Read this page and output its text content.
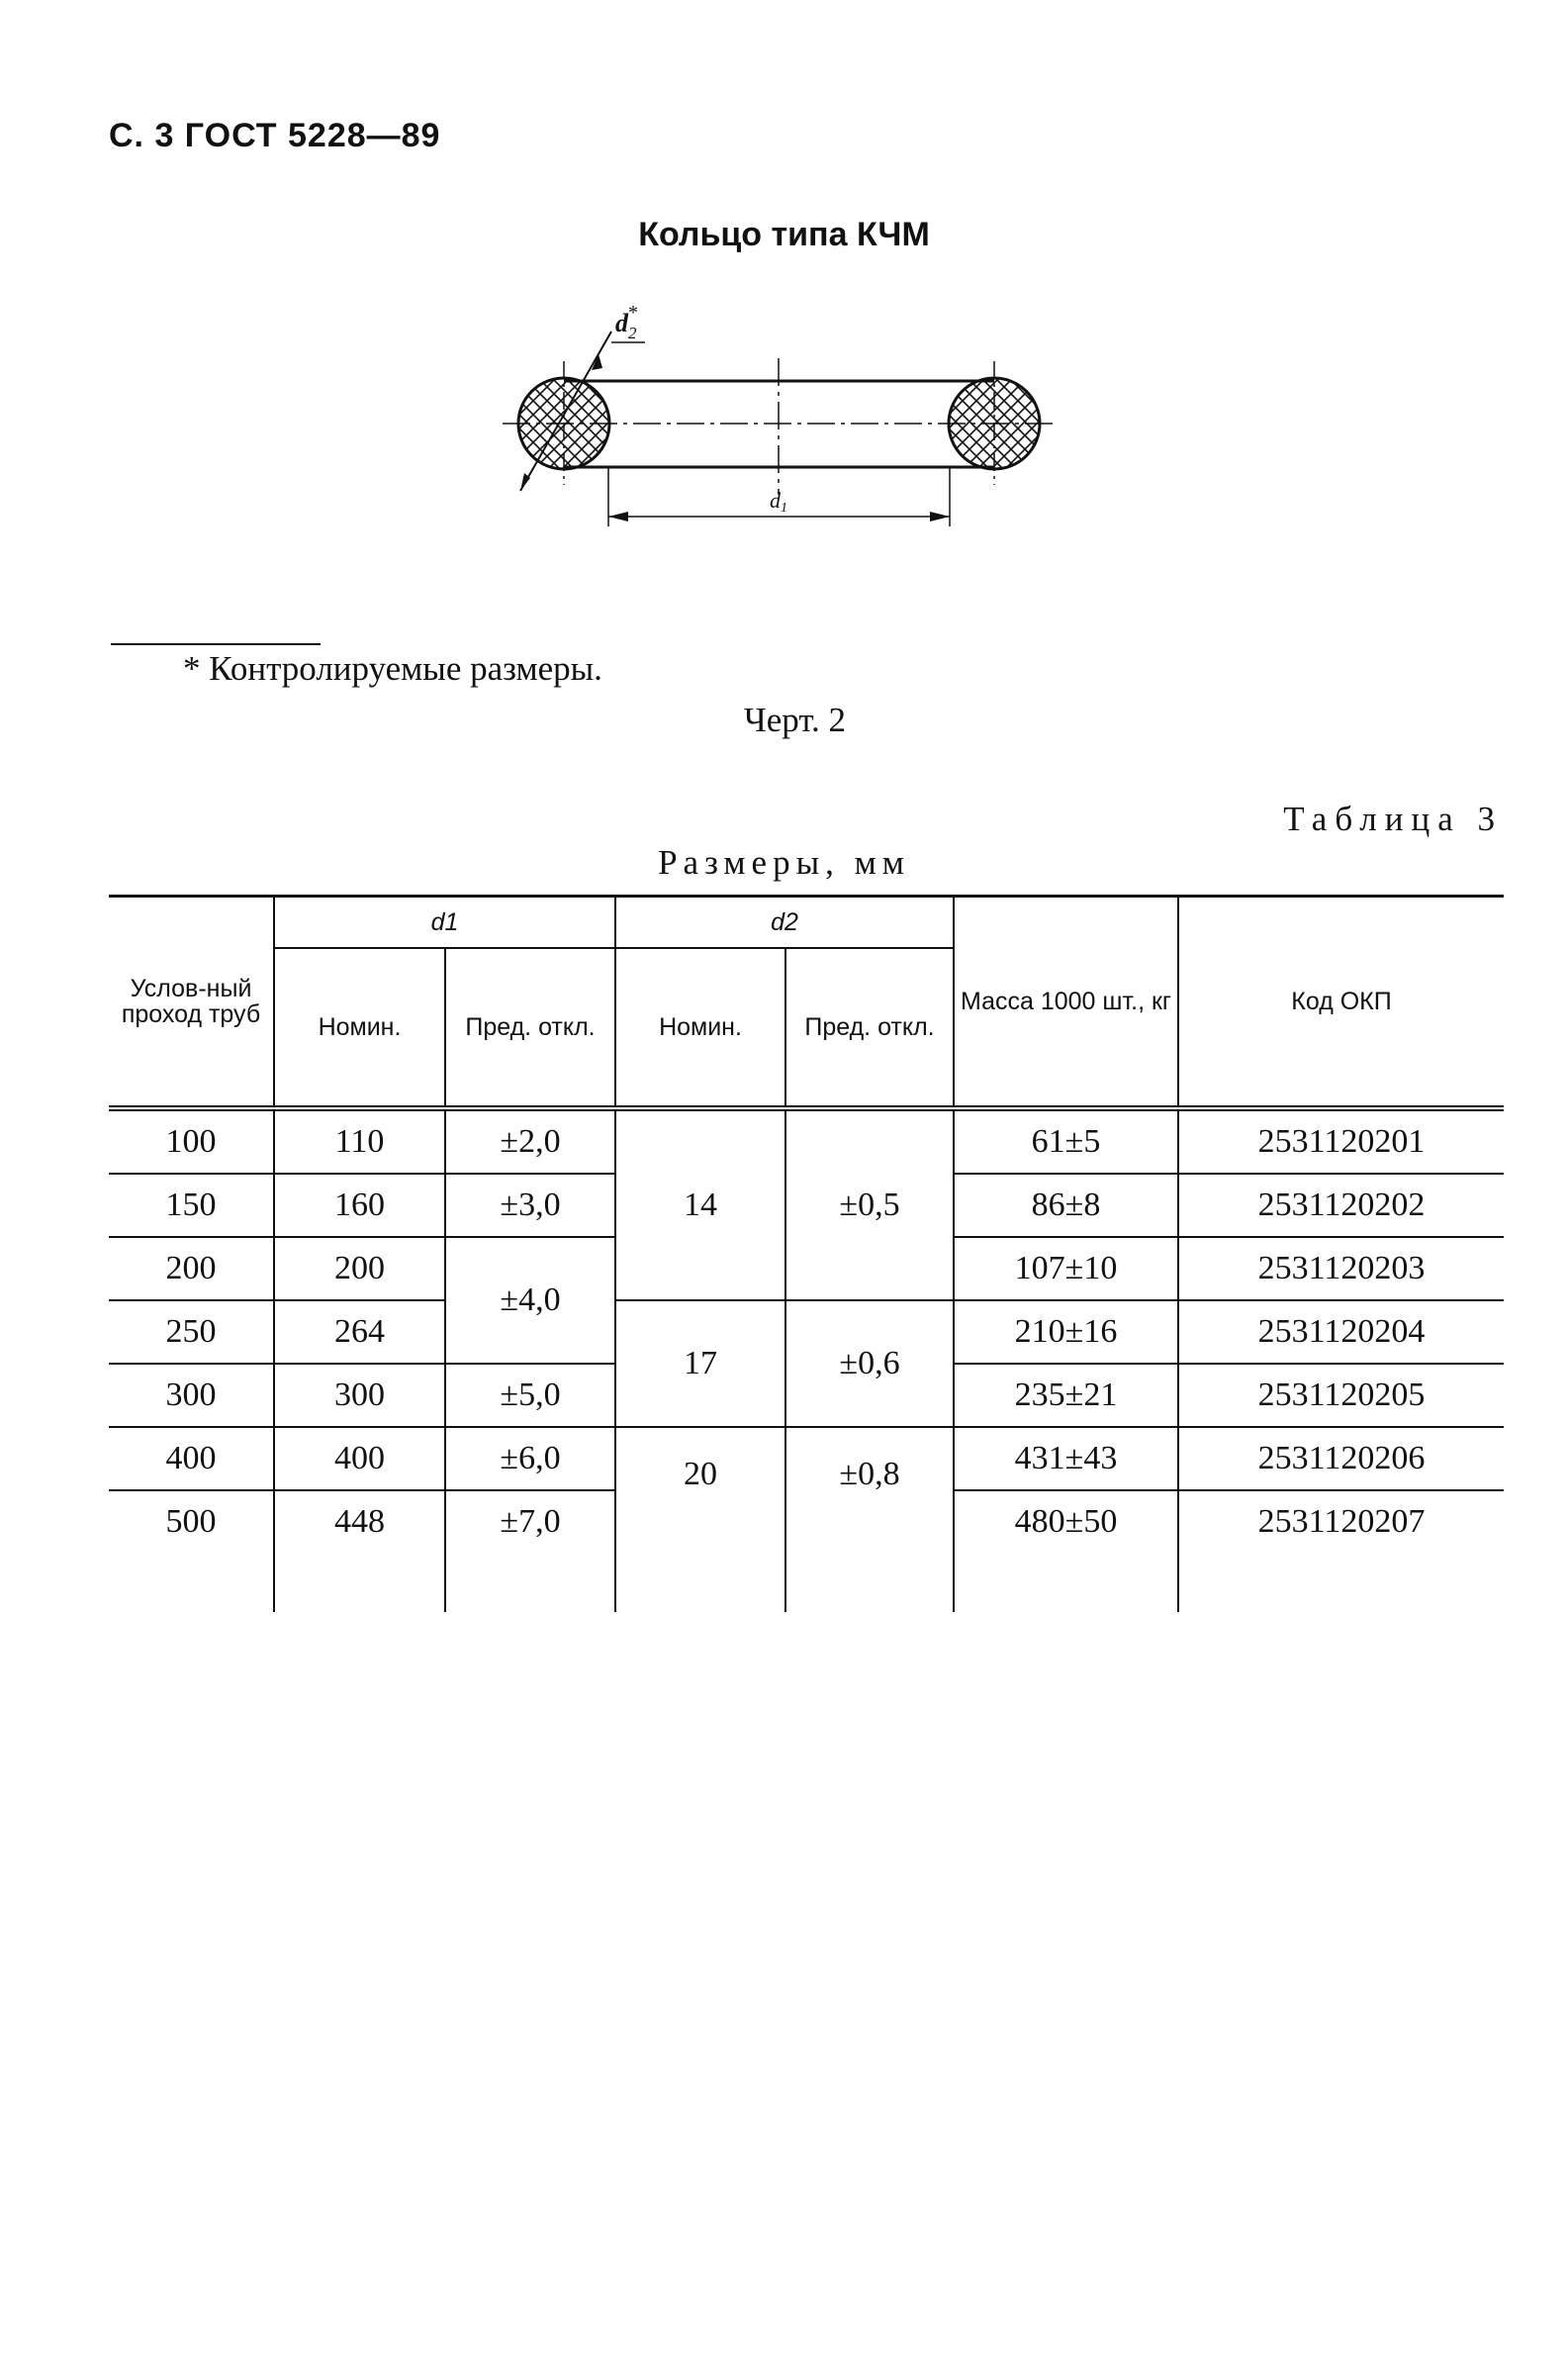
С. 3 ГОСТ 5228—89
Кольцо типа КЧМ
d 2
*
d 1
* Контролируемые размеры.
Черт. 2
Таблица 3
Размеры, мм
Услов-ный проход труб	d1		d2		Масса 1000 шт., кг	Код ОКП
	Номин.	Пред. откл.	Номин.	Пред. откл.		
100	110	±2,0	14	±0,5	61±5	2531120201
150	160	±3,0			86±8	2531120202
200	200	±4,0			107±10	2531120203
250	264		17	±0,6	210±16	2531120204
300	300	±5,0			235±21	2531120205
400	400	±6,0	20	±0,8	431±43	2531120206
500	448	±7,0			480±50	2531120207
